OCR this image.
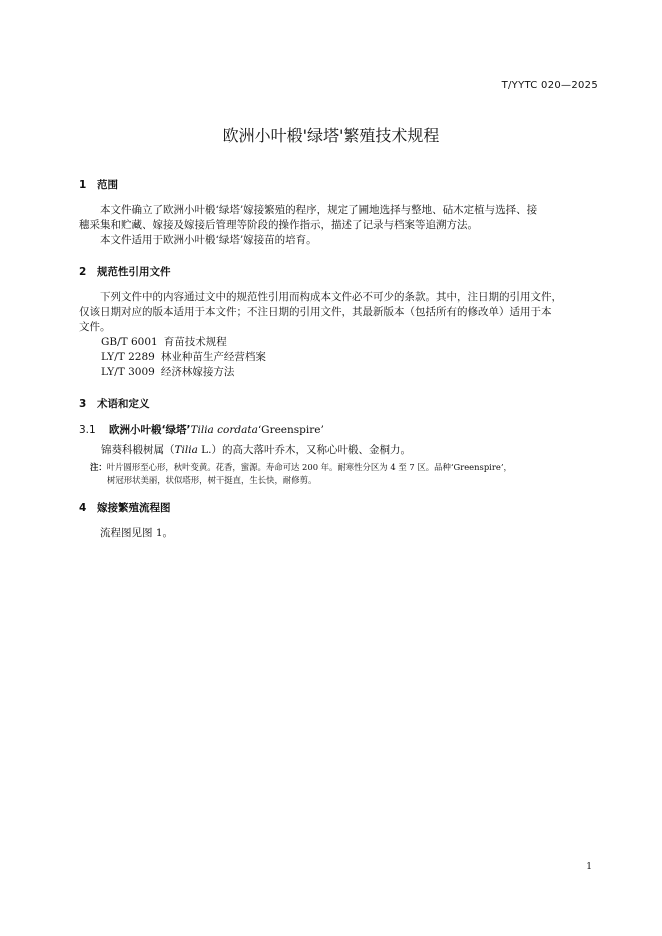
T/YYTC 020—2025
欧洲小叶椴'绿塔'繁殖技术规程
1 范围
本文件确立了欧洲小叶椴‘绿塔’嫁接繁殖的程序，规定了圃地选择与整地、砧木定植与选择、接
穗采集和贮藏、嫁接及嫁接后管理等阶段的操作指示，描述了记录与档案等追溯方法。
本文件适用于欧洲小叶椴‘绿塔’嫁接苗的培育。
2 规范性引用文件
下列文件中的内容通过文中的规范性引用而构成本文件必不可少的条款。其中，注日期的引用文件，
仅该日期对应的版本适用于本文件；不注日期的引用文件，其最新版本（包括所有的修改单）适用于本
文件。
GB/T 6001 育苗技术规程
LY/T 2289 林业种苗生产经营档案
LY/T 3009 经济林嫁接方法
3 术语和定义
3.1 欧洲小叶椴‘绿塔’Tilia cordata‘Greenspire’
锦葵科椴树属（Tilia L.）的高大落叶乔木，又称心叶椴、金桐力。
注：叶片圆形至心形，秋叶变黄。花香，蜜源。寿命可达 200 年。耐寒性分区为 4 至 7 区。品种‘Greenspire’，
树冠形状美丽，状似塔形，树干挺直，生长快，耐修剪。
4 嫁接繁殖流程图
流程图见图 1。
1
